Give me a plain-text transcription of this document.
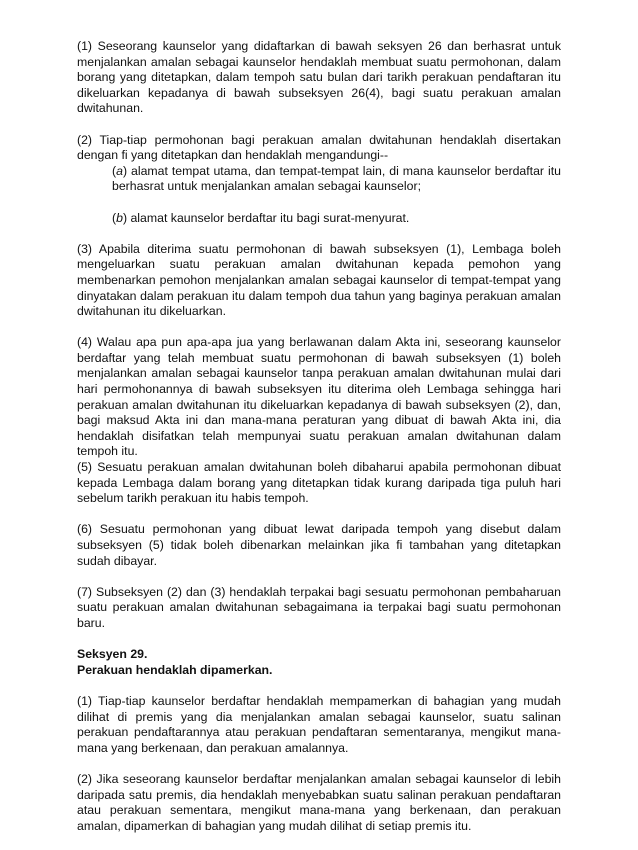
(1) Seseorang kaunselor yang didaftarkan di bawah seksyen 26 dan berhasrat untuk menjalankan amalan sebagai kaunselor hendaklah membuat suatu permohonan, dalam borang yang ditetapkan, dalam tempoh satu bulan dari tarikh perakuan pendaftaran itu dikeluarkan kepadanya di bawah subseksyen 26(4), bagi suatu perakuan amalan dwitahunan.

(2) Tiap-tiap permohonan bagi perakuan amalan dwitahunan hendaklah disertakan dengan fi yang ditetapkan dan hendaklah mengandungi--

(a) alamat tempat utama, dan tempat-tempat lain, di mana kaunselor berdaftar itu berhasrat untuk menjalankan amalan sebagai kaunselor;

(b) alamat kaunselor berdaftar itu bagi surat-menyurat.

(3) Apabila diterima suatu permohonan di bawah subseksyen (1), Lembaga boleh mengeluarkan suatu perakuan amalan dwitahunan kepada pemohon yang membenarkan pemohon menjalankan amalan sebagai kaunselor di tempat-tempat yang dinyatakan dalam perakuan itu dalam tempoh dua tahun yang baginya perakuan amalan dwitahunan itu dikeluarkan.

(4) Walau apa pun apa-apa jua yang berlawanan dalam Akta ini, seseorang kaunselor berdaftar yang telah membuat suatu permohonan di bawah subseksyen (1) boleh menjalankan amalan sebagai kaunselor tanpa perakuan amalan dwitahunan mulai dari hari permohonannya di bawah subseksyen itu diterima oleh Lembaga sehingga hari perakuan amalan dwitahunan itu dikeluarkan kepadanya di bawah subseksyen (2), dan, bagi maksud Akta ini dan mana-mana peraturan yang dibuat di bawah Akta ini, dia hendaklah disifatkan telah mempunyai suatu perakuan amalan dwitahunan dalam tempoh itu.

(5) Sesuatu perakuan amalan dwitahunan boleh dibaharui apabila permohonan dibuat kepada Lembaga dalam borang yang ditetapkan tidak kurang daripada tiga puluh hari sebelum tarikh perakuan itu habis tempoh.

(6) Sesuatu permohonan yang dibuat lewat daripada tempoh yang disebut dalam subseksyen (5) tidak boleh dibenarkan melainkan jika fi tambahan yang ditetapkan sudah dibayar.

(7) Subseksyen (2) dan (3) hendaklah terpakai bagi sesuatu permohonan pembaharuan suatu perakuan amalan dwitahunan sebagaimana ia terpakai bagi suatu permohonan baru.

Seksyen 29.

Perakuan hendaklah dipamerkan.

(1) Tiap-tiap kaunselor berdaftar hendaklah mempamerkan di bahagian yang mudah dilihat di premis yang dia menjalankan amalan sebagai kaunselor, suatu salinan perakuan pendaftarannya atau perakuan pendaftaran sementaranya, mengikut mana-mana yang berkenaan, dan perakuan amalannya.

(2) Jika seseorang kaunselor berdaftar menjalankan amalan sebagai kaunselor di lebih daripada satu premis, dia hendaklah menyebabkan suatu salinan perakuan pendaftaran atau perakuan sementara, mengikut mana-mana yang berkenaan, dan perakuan amalan, dipamerkan di bahagian yang mudah dilihat di setiap premis itu.
